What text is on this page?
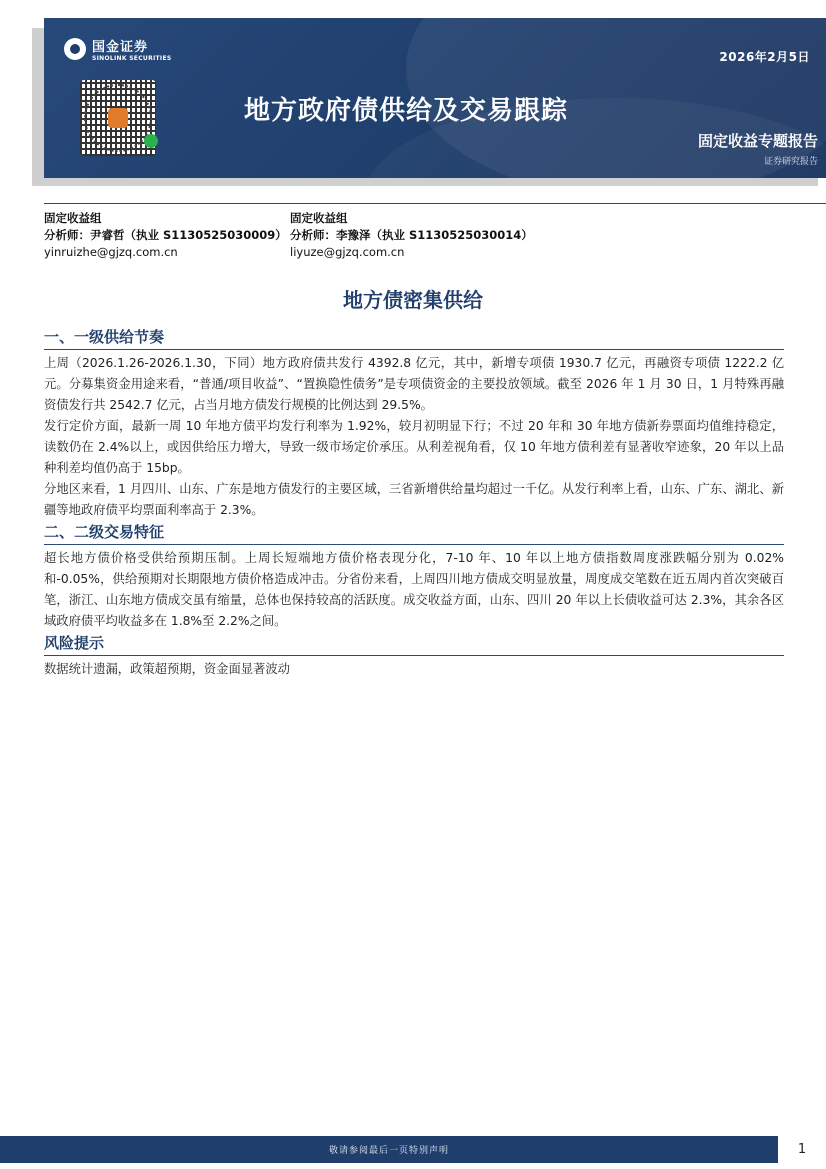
国金证券
SINOLINK SECURITIES	2026年2月5日
地方政府债供给及交易跟踪
固定收益专题报告
证券研究报告
固定收益组
分析师：尹睿哲（执业 S1130525030009）
yinruizhe@gjzq.com.cn
固定收益组
分析师：李豫泽（执业 S1130525030014）
liyuze@gjzq.com.cn
地方债密集供给
一、一级供给节奏

上周（2026.1.26-2026.1.30，下同）地方政府债共发行 4392.8 亿元，其中，新增专项债 1930.7 亿元，再融资专项债 1222.2 亿元。分募集资金用途来看，“普通/项目收益”、“置换隐性债务”是专项债资金的主要投放领域。截至 2026 年 1 月 30 日，1 月特殊再融资债发行共 2542.7 亿元，占当月地方债发行规模的比例达到 29.5%。

发行定价方面，最新一周 10 年地方债平均发行利率为 1.92%，较月初明显下行；不过 20 年和 30 年地方债新券票面均值维持稳定，读数仍在 2.4%以上，或因供给压力增大，导致一级市场定价承压。从利差视角看，仅 10 年地方债利差有显著收窄迹象，20 年以上品种利差均值仍高于 15bp。

分地区来看，1 月四川、山东、广东是地方债发行的主要区域，三省新增供给量均超过一千亿。从发行利率上看，山东、广东、湖北、新疆等地政府债平均票面利率高于 2.3%。

二、二级交易特征

超长地方债价格受供给预期压制。上周长短端地方债价格表现分化，7-10 年、10 年以上地方债指数周度涨跌幅分别为 0.02%和-0.05%，供给预期对长期限地方债价格造成冲击。分省份来看，上周四川地方债成交明显放量，周度成交笔数在近五周内首次突破百笔，浙江、山东地方债成交虽有缩量，总体也保持较高的活跃度。成交收益方面，山东、四川 20 年以上长债收益可达 2.3%，其余各区域政府债平均收益多在 1.8%至 2.2%之间。

风险提示

数据统计遗漏，政策超预期，资金面显著波动

敬请参阅最后一页特别声明	1
